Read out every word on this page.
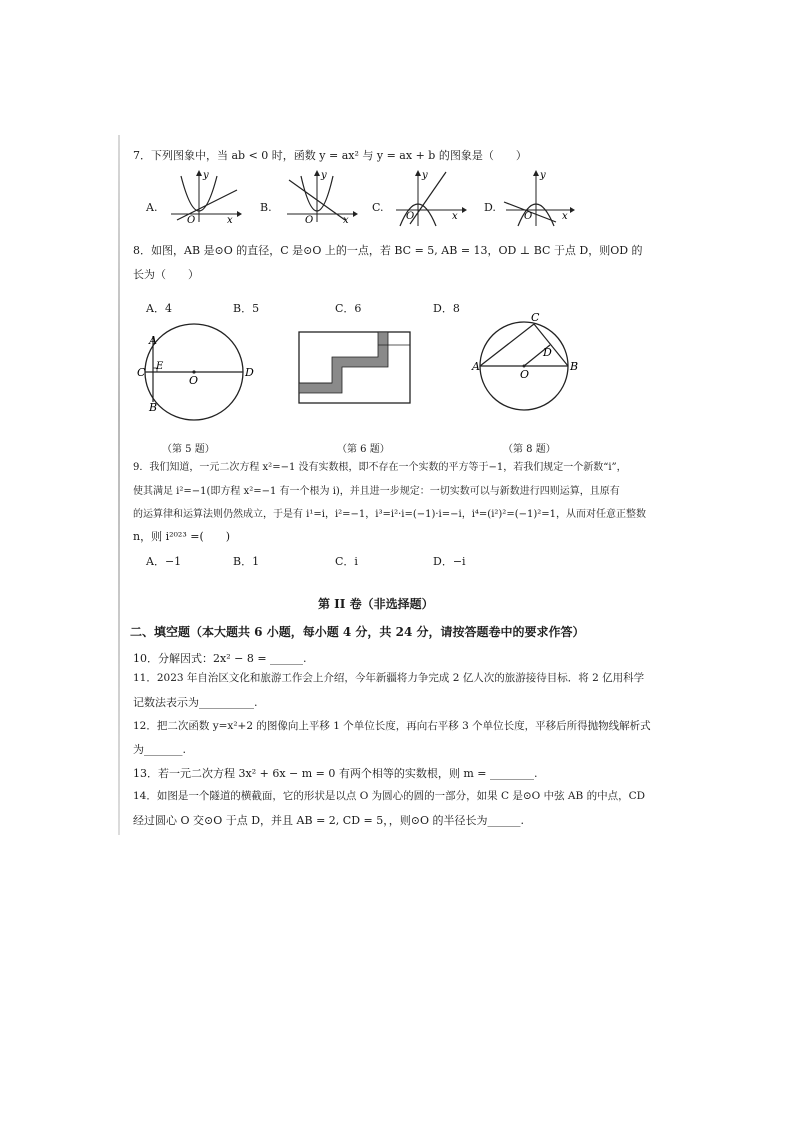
7．下列图象中，当 ab < 0 时，函数 y = ax² 与 y = ax + b 的图象是（　　）
A.
y
x
O
B.
y
x
O
C.
y
x
O
D.
y
x
O
8．如图，AB 是⊙O 的直径，C 是⊙O 上的一点，若 BC = 5, AB = 13，OD ⊥ BC 于点 D，则OD 的
长为（　　）
A．4	B．5	C．6	D．8
A
B
C	D
E
O
（第 5 题）	（第 6 题）
C
D
A	B
O
（第 8 题）
9．我们知道，一元二次方程 x²=−1 没有实数根，即不存在一个实数的平方等于−1，若我们规定一个新数“i”，
使其满足 i²=−1(即方程 x²=−1 有一个根为 i)，并且进一步规定：一切实数可以与新数进行四则运算，且原有
的运算律和运算法则仍然成立，于是有 i¹=i，i²=−1，i³=i²·i=(−1)·i=−i，i⁴=(i²)²=(−1)²=1，从而对任意正整数
n，则 i²⁰²³ =(　　)
A．−1	B．1	C．i	D．−i
第 II 卷（非选择题）
二、填空题（本大题共 6 小题，每小题 4 分，共 24 分，请按答题卷中的要求作答）
10．分解因式：2x² − 8 = ______.
11．2023 年自治区文化和旅游工作会上介绍，今年新疆将力争完成 2 亿人次的旅游接待目标．将 2 亿用科学
记数法表示为__________.
12．把二次函数 y=x²+2 的图像向上平移 1 个单位长度，再向右平移 3 个单位长度，平移后所得抛物线解析式
为_______.
13．若一元二次方程 3x² + 6x − m = 0 有两个相等的实数根，则 m = ________.
14．如图是一个隧道的横截面，它的形状是以点 O 为圆心的圆的一部分，如果 C 是⊙O 中弦 AB 的中点，CD
经过圆心 O 交⊙O 于点 D，并且 AB = 2, CD = 5，，则⊙O 的半径长为______.
